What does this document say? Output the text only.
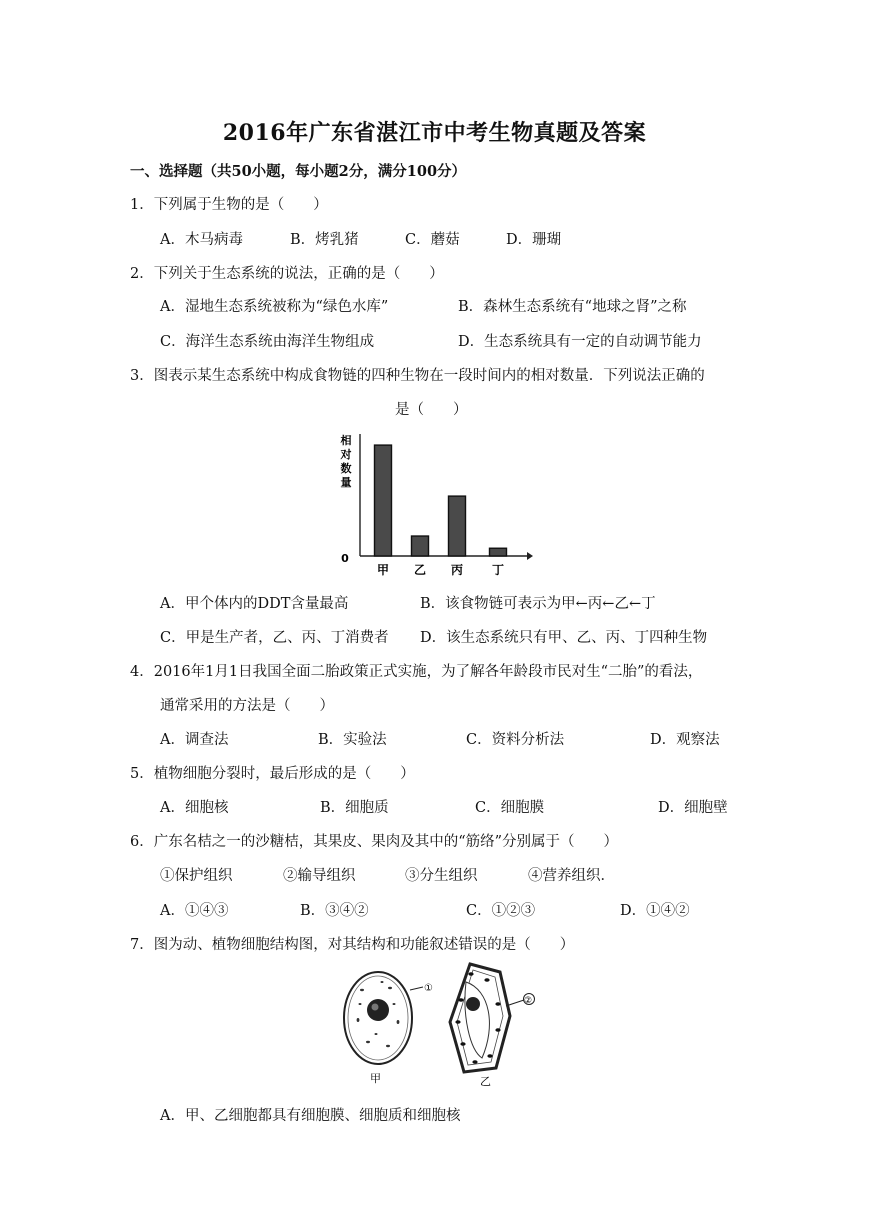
2016年广东省湛江市中考生物真题及答案
一、选择题（共50小题，每小题2分，满分100分）
1．下列属于生物的是（　　）
A．木马病毒	B．烤乳猪	C．蘑菇	D．珊瑚
2．下列关于生态系统的说法，正确的是（　　）
A．湿地生态系统被称为“绿色水库”	B．森林生态系统有“地球之肾”之称
C．海洋生态系统由海洋生物组成	D．生态系统具有一定的自动调节能力
3．图表示某生态系统中构成食物链的四种生物在一段时间内的相对数量．下列说法正确的
是（　　）
相对数量
0
甲 乙 丙 丁
A．甲个体内的DDT含量最高	B．该食物链可表示为甲←丙←乙←丁
C．甲是生产者，乙、丙、丁消费者 D．该生态系统只有甲、乙、丙、丁四种生物
4．2016年1月1日我国全面二胎政策正式实施，为了解各年龄段市民对生“二胎”的看法，
通常采用的方法是（　　）
A．调查法	B．实验法	C．资料分析法	D．观察法
5．植物细胞分裂时，最后形成的是（　　）
A．细胞核	B．细胞质	C．细胞膜	D．细胞壁
6．广东名桔之一的沙糖桔，其果皮、果肉及其中的“筋络”分别属于（　　）
①保护组织	②输导组织	③分生组织	④营养组织．
A．①④③	B．③④②	C．①②③	D．①④②
7．图为动、植物细胞结构图，对其结构和功能叙述错误的是（　　）
①
甲
②
乙
A．甲、乙细胞都具有细胞膜、细胞质和细胞核
